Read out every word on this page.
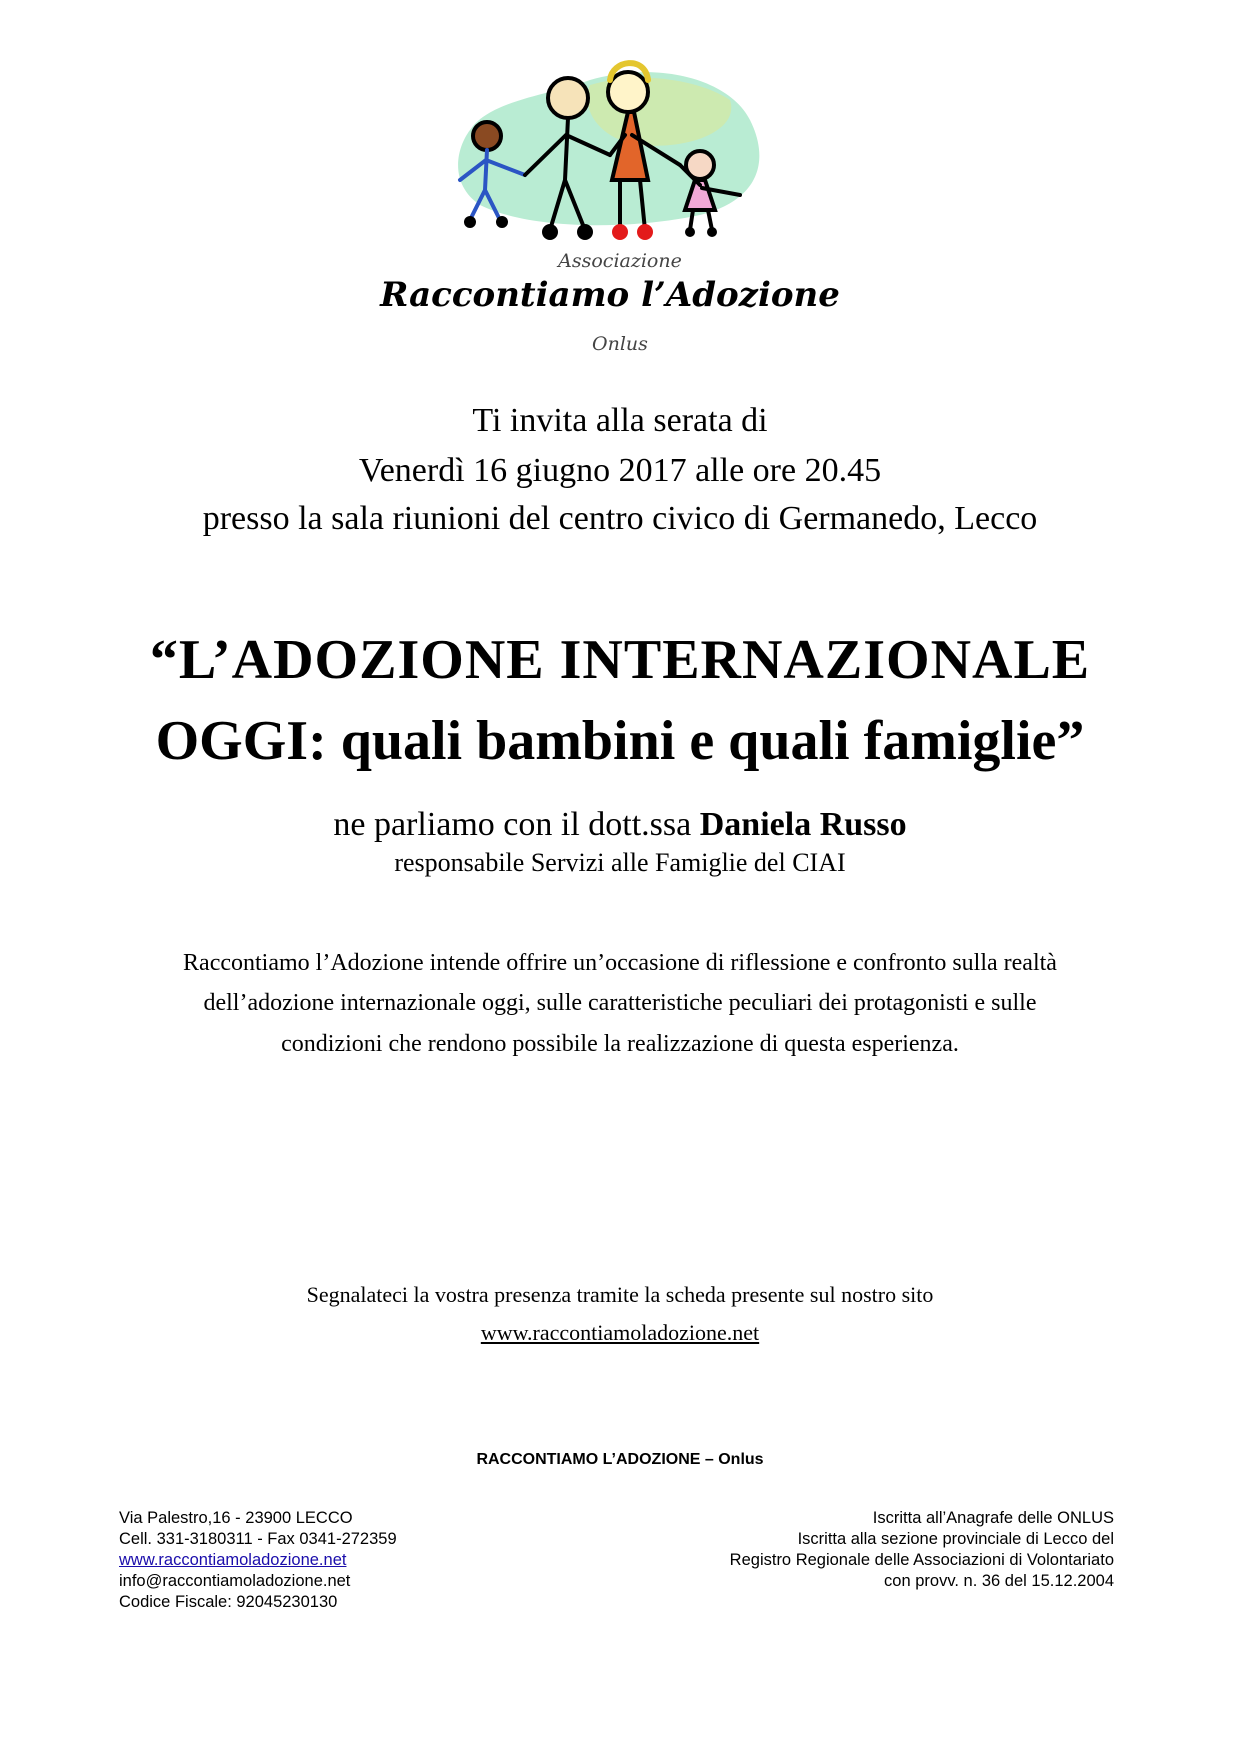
Associazione
Raccontiamo l’Adozione
Onlus
Ti invita alla serata di
Venerdì 16 giugno 2017 alle ore 20.45
presso la sala riunioni del centro civico di Germanedo, Lecco
“L’ADOZIONE INTERNAZIONALE
OGGI: quali bambini e quali famiglie”
ne parliamo con il dott.ssa Daniela Russo
responsabile Servizi alle Famiglie del CIAI
Raccontiamo l’Adozione intende offrire un’occasione di riflessione e confronto sulla realtà
dell’adozione internazionale oggi, sulle caratteristiche peculiari dei protagonisti e sulle
condizioni che rendono possibile la realizzazione di questa esperienza.
Segnalateci la vostra presenza tramite la scheda presente sul nostro sito
www.raccontiamoladozione.net
RACCONTIAMO L’ADOZIONE – Onlus
Via Palestro,16 - 23900 LECCO
Cell. 331-3180311 - Fax 0341-272359
www.raccontiamoladozione.net
info@raccontiamoladozione.net
Codice Fiscale: 92045230130
Iscritta all’Anagrafe delle ONLUS
Iscritta alla sezione provinciale di Lecco del
Registro Regionale delle Associazioni di Volontariato
con provv. n. 36 del 15.12.2004
